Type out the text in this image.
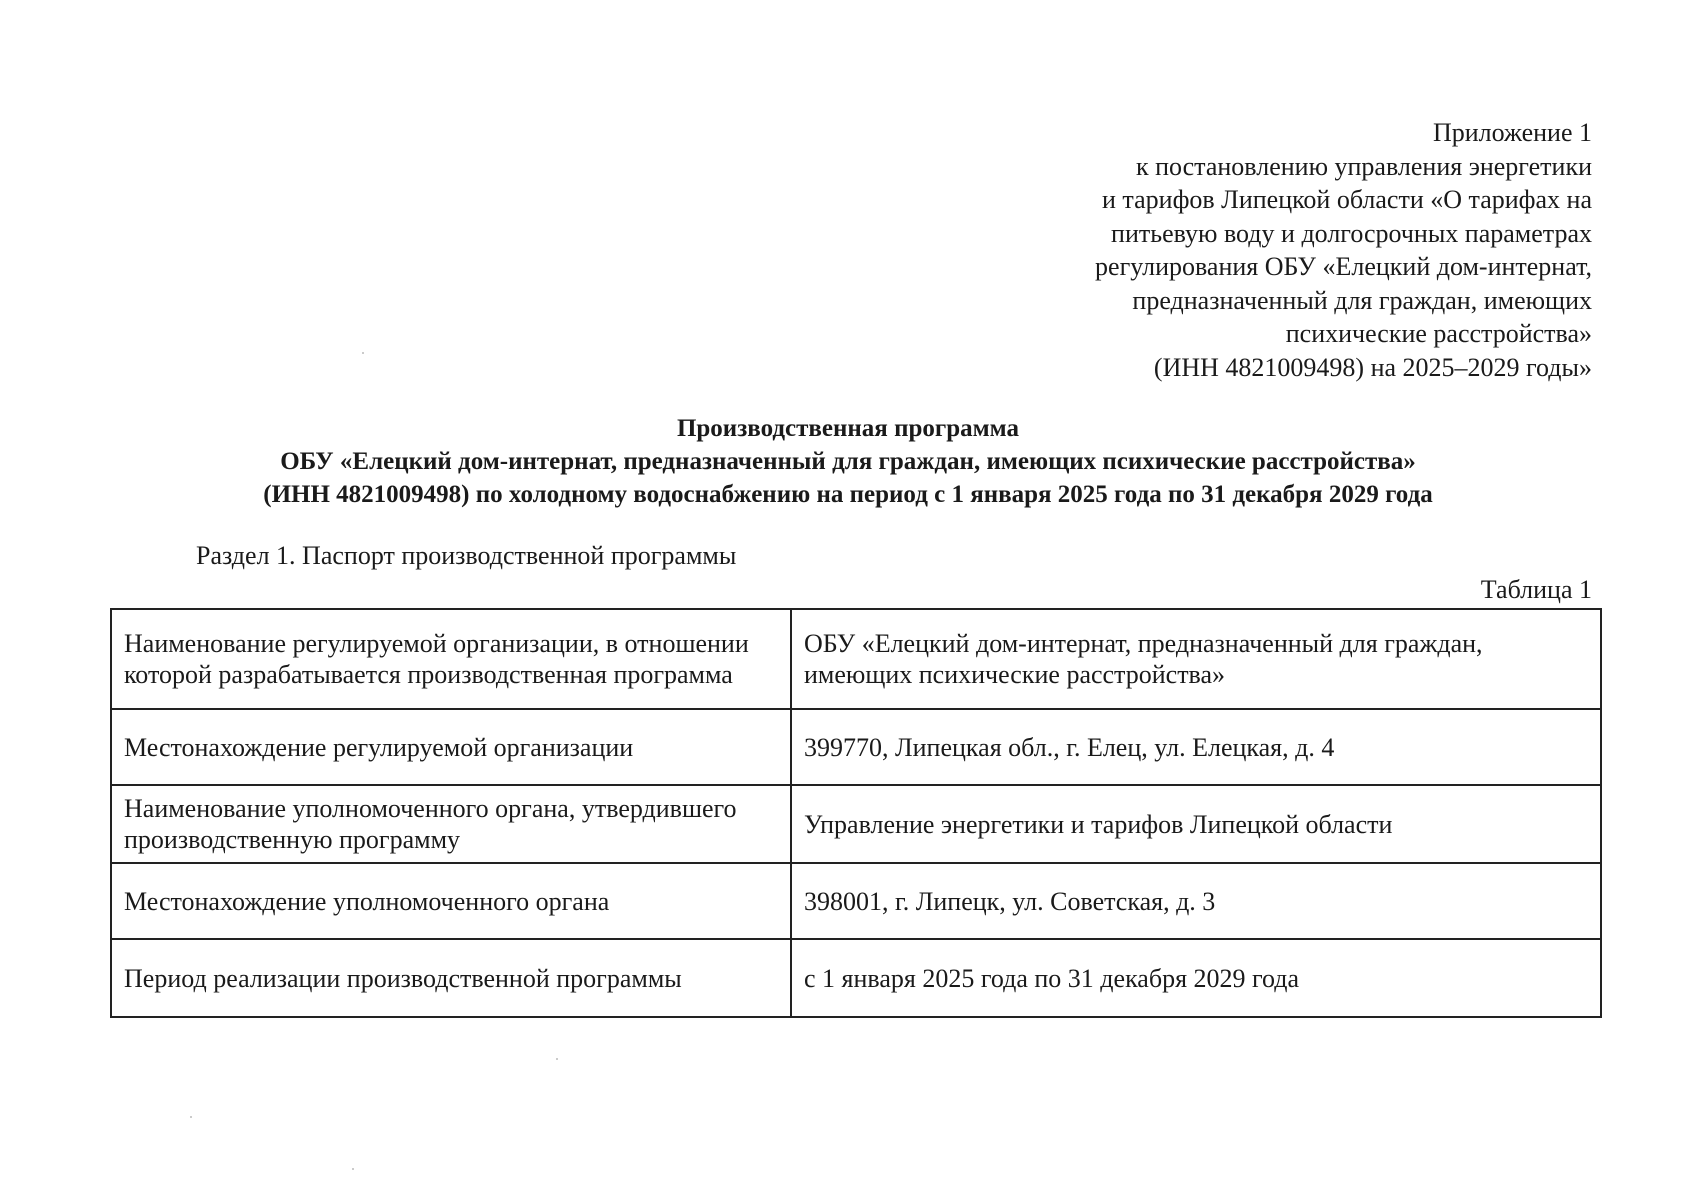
Приложение 1
к постановлению управления энергетики
и тарифов Липецкой области «О тарифах на
питьевую воду и долгосрочных параметрах
регулирования ОБУ «Елецкий дом-интернат,
предназначенный для граждан, имеющих
психические расстройства»
(ИНН 4821009498) на 2025–2029 годы»
Производственная программа
ОБУ «Елецкий дом-интернат, предназначенный для граждан, имеющих психические расстройства»
(ИНН 4821009498) по холодному водоснабжению на период с 1 января 2025 года по 31 декабря 2029 года
Раздел 1. Паспорт производственной программы
Таблица 1
Наименование регулируемой организации, в отношении которой разрабатывается производственная программа	ОБУ «Елецкий дом-интернат, предназначенный для граждан, имеющих психические расстройства»
Местонахождение регулируемой организации	399770, Липецкая обл., г. Елец, ул. Елецкая, д. 4
Наименование уполномоченного органа, утвердившего производственную программу	Управление энергетики и тарифов Липецкой области
Местонахождение уполномоченного органа	398001, г. Липецк, ул. Советская, д. 3
Период реализации производственной программы	с 1 января 2025 года по 31 декабря 2029 года
